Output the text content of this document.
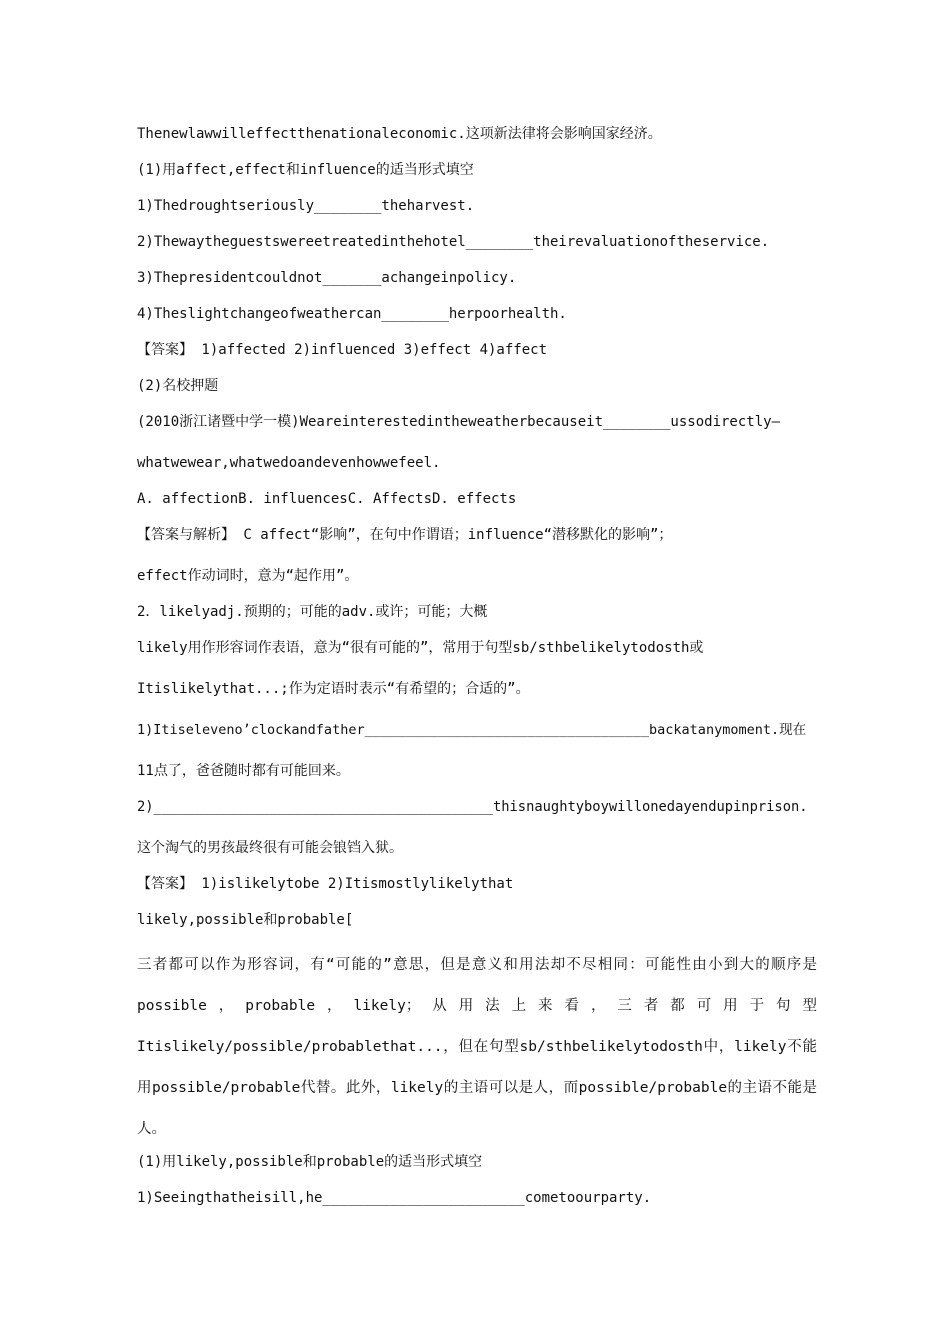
Thenewlawwilleffectthenationaleconomic.这项新法律将会影响国家经济。

(1)用affect,effect和influence的适当形式填空

1)Thedroughtseriously________theharvest.

2)Thewaytheguestswereetreatedinthehotel________theirevaluationoftheservice.

3)Thepresidentcouldnot_______achangeinpolicy.

4)Theslightchangeofweathercan________herpoorhealth.

【答案】 1)affected 2)influenced 3)effect 4)affect

(2)名校押题

(2010浙江诸暨中学一模)Weareinterestedintheweatherbecauseit________ussodirectly—

whatwewear,whatwedoandevenhowwefeel.

A. affectionB. influencesC. AffectsD. effects

【答案与解析】 C affect“影响”，在句中作谓语；influence“潜移默化的影响”；

effect作动词时，意为“起作用”。

2．likelyadj.预期的；可能的adv.或许；可能；大概

likely用作形容词作表语，意为“很有可能的”，常用于句型sb/sthbelikelytodosth或

Itislikelythat...;作为定语时表示“有希望的；合适的”。

1)Itiselevenoʼclockandfather___________________________________backatanymoment.现在

11点了，爸爸随时都有可能回来。

2)_________________________________________thisnaughtyboywillonedayendupinprison.

这个淘气的男孩最终很有可能会锒铛入狱。

【答案】 1)islikelytobe 2)Itismostlylikelythat

likely,possible和probable[

三者都可以作为形容词，有“可能的”意思，但是意义和用法却不尽相同：可能性由小到大的顺序是possible，probable，likely；从用法上来看，三者都可用于句型Itislikely/possible/probablethat...，但在句型sb/sthbelikelytodosth中，likely不能用possible/probable代替。此外，likely的主语可以是人，而possible/probable的主语不能是人。

(1)用likely,possible和probable的适当形式填空

1)Seeingthatheisill,he________________________cometoourparty.
